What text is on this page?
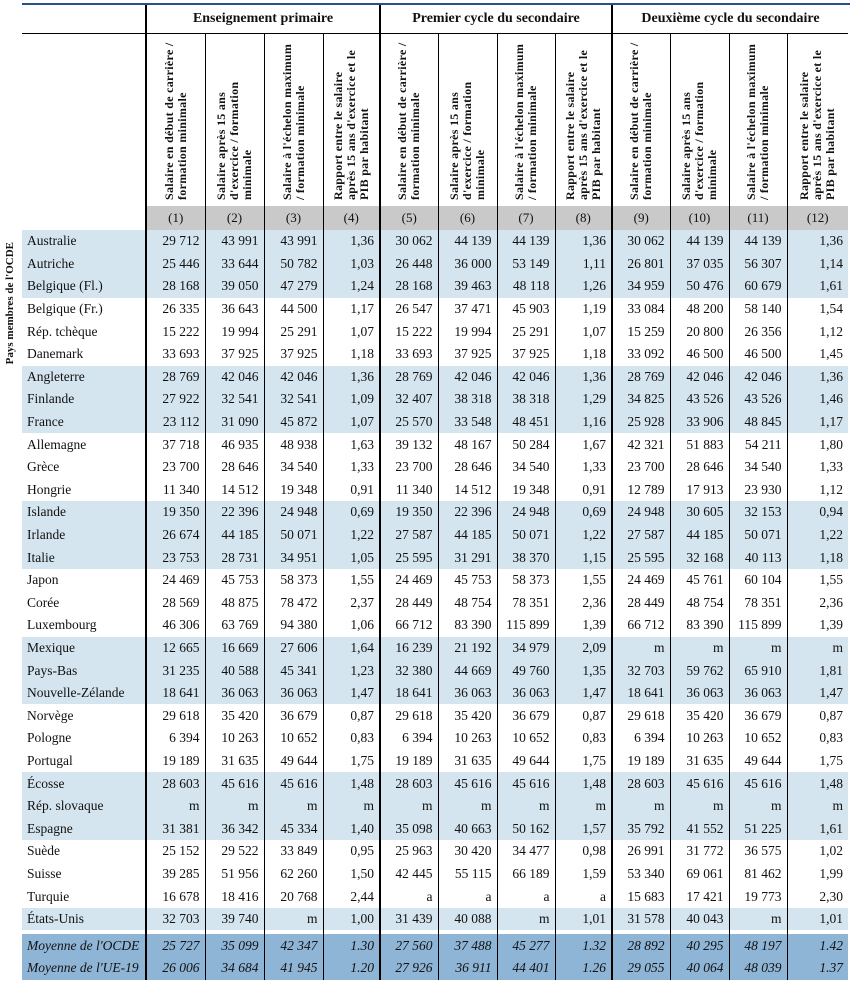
Pays membres de l'OCDE
	Enseignement primaire				Premier cycle du secondaire				Deuxième cycle du secondaire			

	Salaire en début de carrière / formation minimale	Salaire après 15 ans d'exercice / formation minimale	Salaire à l'échelon maximum / formation minimale	Rapport entre le salaire après 15 ans d'exercice et le PIB par habitant	Salaire en début de carrière / formation minimale	Salaire après 15 ans d'exercice / formation minimale	Salaire à l'échelon maximum / formation minimale	Rapport entre le salaire après 15 ans d'exercice et le PIB par habitant	Salaire en début de carrière / formation minimale	Salaire après 15 ans d'exercice / formation minimale	Salaire à l'échelon maximum / formation minimale	Rapport entre le salaire après 15 ans d'exercice et le PIB par habitant

	(1)	(2)	(3)	(4)	(5)	(6)	(7)	(8)	(9)	(10)	(11)	(12)
Australie	29 712	43 991	43 991	1,36	30 062	44 139	44 139	1,36	30 062	44 139	44 139	1,36
Autriche	25 446	33 644	50 782	1,03	26 448	36 000	53 149	1,11	26 801	37 035	56 307	1,14
Belgique (Fl.)	28 168	39 050	47 279	1,24	28 168	39 463	48 118	1,26	34 959	50 476	60 679	1,61
Belgique (Fr.)	26 335	36 643	44 500	1,17	26 547	37 471	45 903	1,19	33 084	48 200	58 140	1,54
Rép. tchèque	15 222	19 994	25 291	1,07	15 222	19 994	25 291	1,07	15 259	20 800	26 356	1,12
Danemark	33 693	37 925	37 925	1,18	33 693	37 925	37 925	1,18	33 092	46 500	46 500	1,45
Angleterre	28 769	42 046	42 046	1,36	28 769	42 046	42 046	1,36	28 769	42 046	42 046	1,36
Finlande	27 922	32 541	32 541	1,09	32 407	38 318	38 318	1,29	34 825	43 526	43 526	1,46
France	23 112	31 090	45 872	1,07	25 570	33 548	48 451	1,16	25 928	33 906	48 845	1,17
Allemagne	37 718	46 935	48 938	1,63	39 132	48 167	50 284	1,67	42 321	51 883	54 211	1,80
Grèce	23 700	28 646	34 540	1,33	23 700	28 646	34 540	1,33	23 700	28 646	34 540	1,33
Hongrie	11 340	14 512	19 348	0,91	11 340	14 512	19 348	0,91	12 789	17 913	23 930	1,12
Islande	19 350	22 396	24 948	0,69	19 350	22 396	24 948	0,69	24 948	30 605	32 153	0,94
Irlande	26 674	44 185	50 071	1,22	27 587	44 185	50 071	1,22	27 587	44 185	50 071	1,22
Italie	23 753	28 731	34 951	1,05	25 595	31 291	38 370	1,15	25 595	32 168	40 113	1,18
Japon	24 469	45 753	58 373	1,55	24 469	45 753	58 373	1,55	24 469	45 761	60 104	1,55
Corée	28 569	48 875	78 472	2,37	28 449	48 754	78 351	2,36	28 449	48 754	78 351	2,36
Luxembourg	46 306	63 769	94 380	1,06	66 712	83 390	115 899	1,39	66 712	83 390	115 899	1,39
Mexique	12 665	16 669	27 606	1,64	16 239	21 192	34 979	2,09	m	m	m	m
Pays-Bas	31 235	40 588	45 341	1,23	32 380	44 669	49 760	1,35	32 703	59 762	65 910	1,81
Nouvelle-Zélande	18 641	36 063	36 063	1,47	18 641	36 063	36 063	1,47	18 641	36 063	36 063	1,47
Norvège	29 618	35 420	36 679	0,87	29 618	35 420	36 679	0,87	29 618	35 420	36 679	0,87
Pologne	6 394	10 263	10 652	0,83	6 394	10 263	10 652	0,83	6 394	10 263	10 652	0,83
Portugal	19 189	31 635	49 644	1,75	19 189	31 635	49 644	1,75	19 189	31 635	49 644	1,75
Écosse	28 603	45 616	45 616	1,48	28 603	45 616	45 616	1,48	28 603	45 616	45 616	1,48
Rép. slovaque	m	m	m	m	m	m	m	m	m	m	m	m
Espagne	31 381	36 342	45 334	1,40	35 098	40 663	50 162	1,57	35 792	41 552	51 225	1,61
Suède	25 152	29 522	33 849	0,95	25 963	30 420	34 477	0,98	26 991	31 772	36 575	1,02
Suisse	39 285	51 956	62 260	1,50	42 445	55 115	66 189	1,59	53 340	69 061	81 462	1,99
Turquie	16 678	18 416	20 768	2,44	a	a	a	a	15 683	17 421	19 773	2,30
États-Unis	32 703	39 740	m	1,00	31 439	40 088	m	1,01	31 578	40 043	m	1,01

Moyenne de l'OCDE	25 727	35 099	42 347	1.30	27 560	37 488	45 277	1.32	28 892	40 295	48 197	1.42
Moyenne de l'UE-19	26 006	34 684	41 945	1.20	27 926	36 911	44 401	1.26	29 055	40 064	48 039	1.37
